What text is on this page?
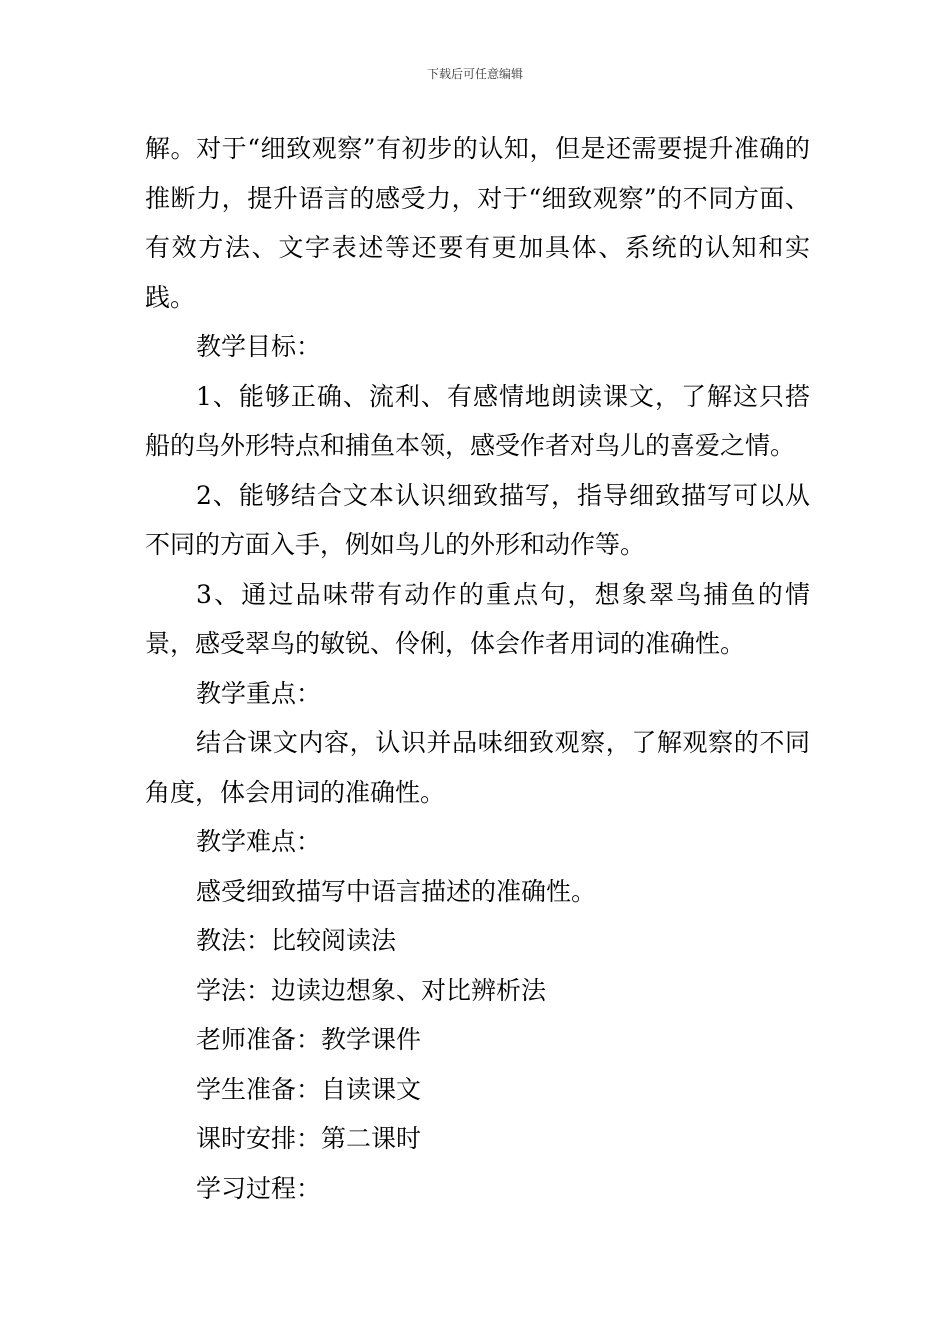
下载后可任意编辑

解。对于“细致观察”有初步的认知，但是还需要提升准确的推断力，提升语言的感受力，对于“细致观察”的不同方面、有效方法、文字表述等还要有更加具体、系统的认知和实践。

教学目标：

1、能够正确、流利、有感情地朗读课文，了解这只搭船的鸟外形特点和捕鱼本领，感受作者对鸟儿的喜爱之情。

2、能够结合文本认识细致描写，指导细致描写可以从不同的方面入手，例如鸟儿的外形和动作等。

3、通过品味带有动作的重点句，想象翠鸟捕鱼的情景，感受翠鸟的敏锐、伶俐，体会作者用词的准确性。

教学重点：

结合课文内容，认识并品味细致观察，了解观察的不同角度，体会用词的准确性。

教学难点：

感受细致描写中语言描述的准确性。

教法：比较阅读法

学法：边读边想象、对比辨析法

老师准备：教学课件

学生准备：自读课文

课时安排：第二课时

学习过程：
